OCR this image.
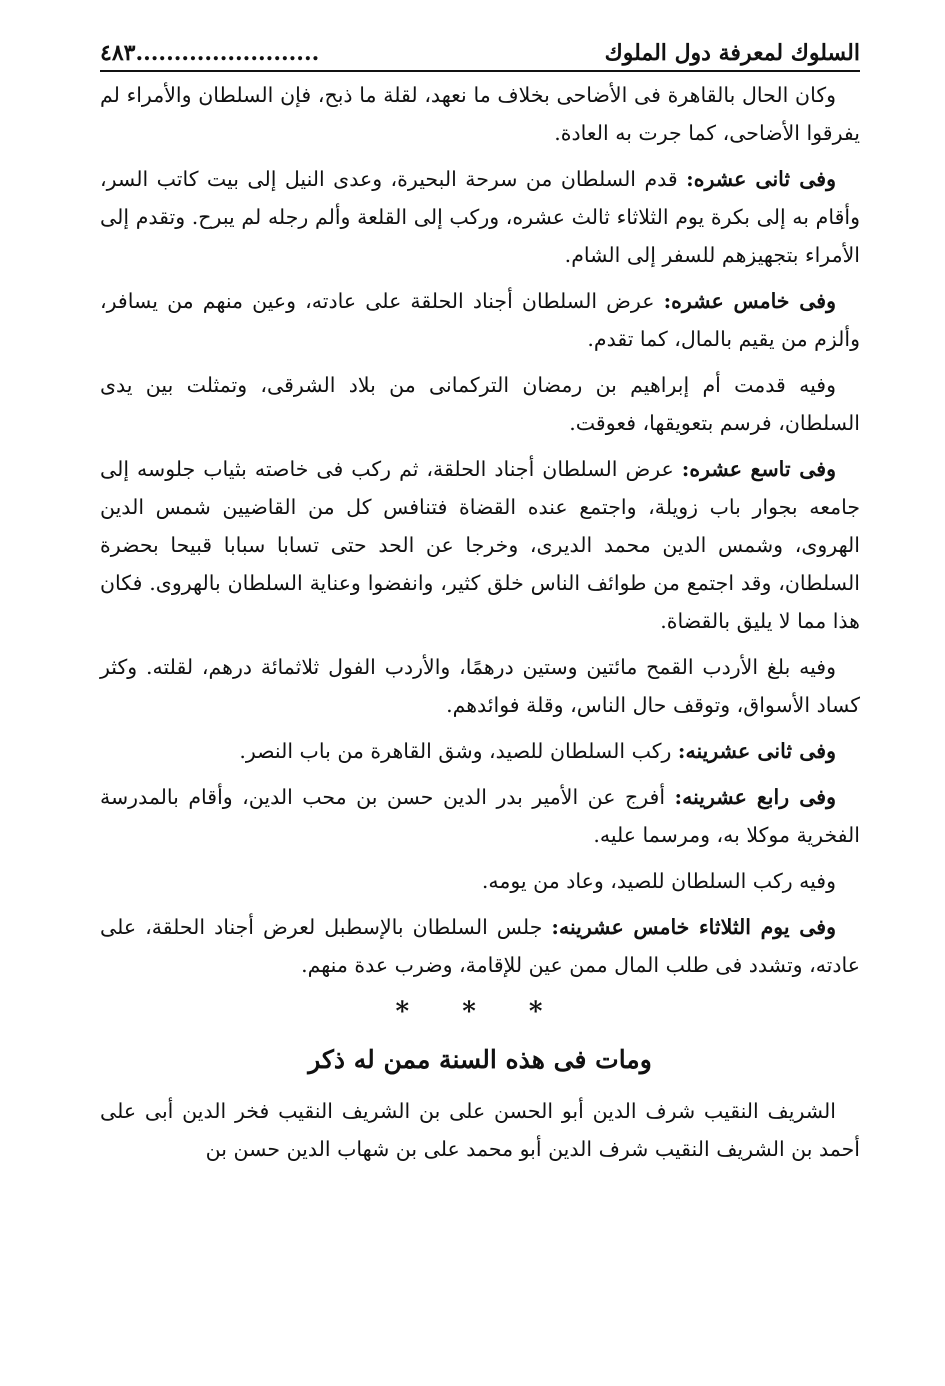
السلوك لمعرفة دول الملوك
........................٤٨٣

وكان الحال بالقاهرة فى الأضاحى بخلاف ما نعهد، لقلة ما ذبح، فإن السلطان والأمراء لم يفرقوا الأضاحى، كما جرت به العادة.

وفى ثانى عشره: قدم السلطان من سرحة البحيرة، وعدى النيل إلى بيت كاتب السر، وأقام به إلى بكرة يوم الثلاثاء ثالث عشره، وركب إلى القلعة وألم رجله لم يبرح. وتقدم إلى الأمراء بتجهيزهم للسفر إلى الشام.

وفى خامس عشره: عرض السلطان أجناد الحلقة على عادته، وعين منهم من يسافر، وألزم من يقيم بالمال، كما تقدم.

وفيه قدمت أم إبراهيم بن رمضان التركمانى من بلاد الشرقى، وتمثلت بين يدى السلطان، فرسم بتعويقها، فعوقت.

وفى تاسع عشره: عرض السلطان أجناد الحلقة، ثم ركب فى خاصته بثياب جلوسه إلى جامعه بجوار باب زويلة، واجتمع عنده القضاة فتنافس كل من القاضيين شمس الدين الهروى، وشمس الدين محمد الديرى، وخرجا عن الحد حتى تسابا سبابا قبيحا بحضرة السلطان، وقد اجتمع من طوائف الناس خلق كثير، وانفضوا وعناية السلطان بالهروى. فكان هذا مما لا يليق بالقضاة.

وفيه بلغ الأردب القمح مائتين وستين درهمًا، والأردب الفول ثلاثمائة درهم، لقلته. وكثر كساد الأسواق، وتوقف حال الناس، وقلة فوائدهم.

وفى ثانى عشرينه: ركب السلطان للصيد، وشق القاهرة من باب النصر.

وفى رابع عشرينه: أفرج عن الأمير بدر الدين حسن بن محب الدين، وأقام بالمدرسة الفخرية موكلا به، ومرسما عليه.

وفيه ركب السلطان للصيد، وعاد من يومه.

وفى يوم الثلاثاء خامس عشرينه: جلس السلطان بالإسطبل لعرض أجناد الحلقة، على عادته، وتشدد فى طلب المال ممن عين للإقامة، وضرب عدة منهم.

* * *
ومات فى هذه السنة ممن له ذكر

الشريف النقيب شرف الدين أبو الحسن على بن الشريف النقيب فخر الدين أبى على أحمد بن الشريف النقيب شرف الدين أبو محمد على بن شهاب الدين حسن بن
